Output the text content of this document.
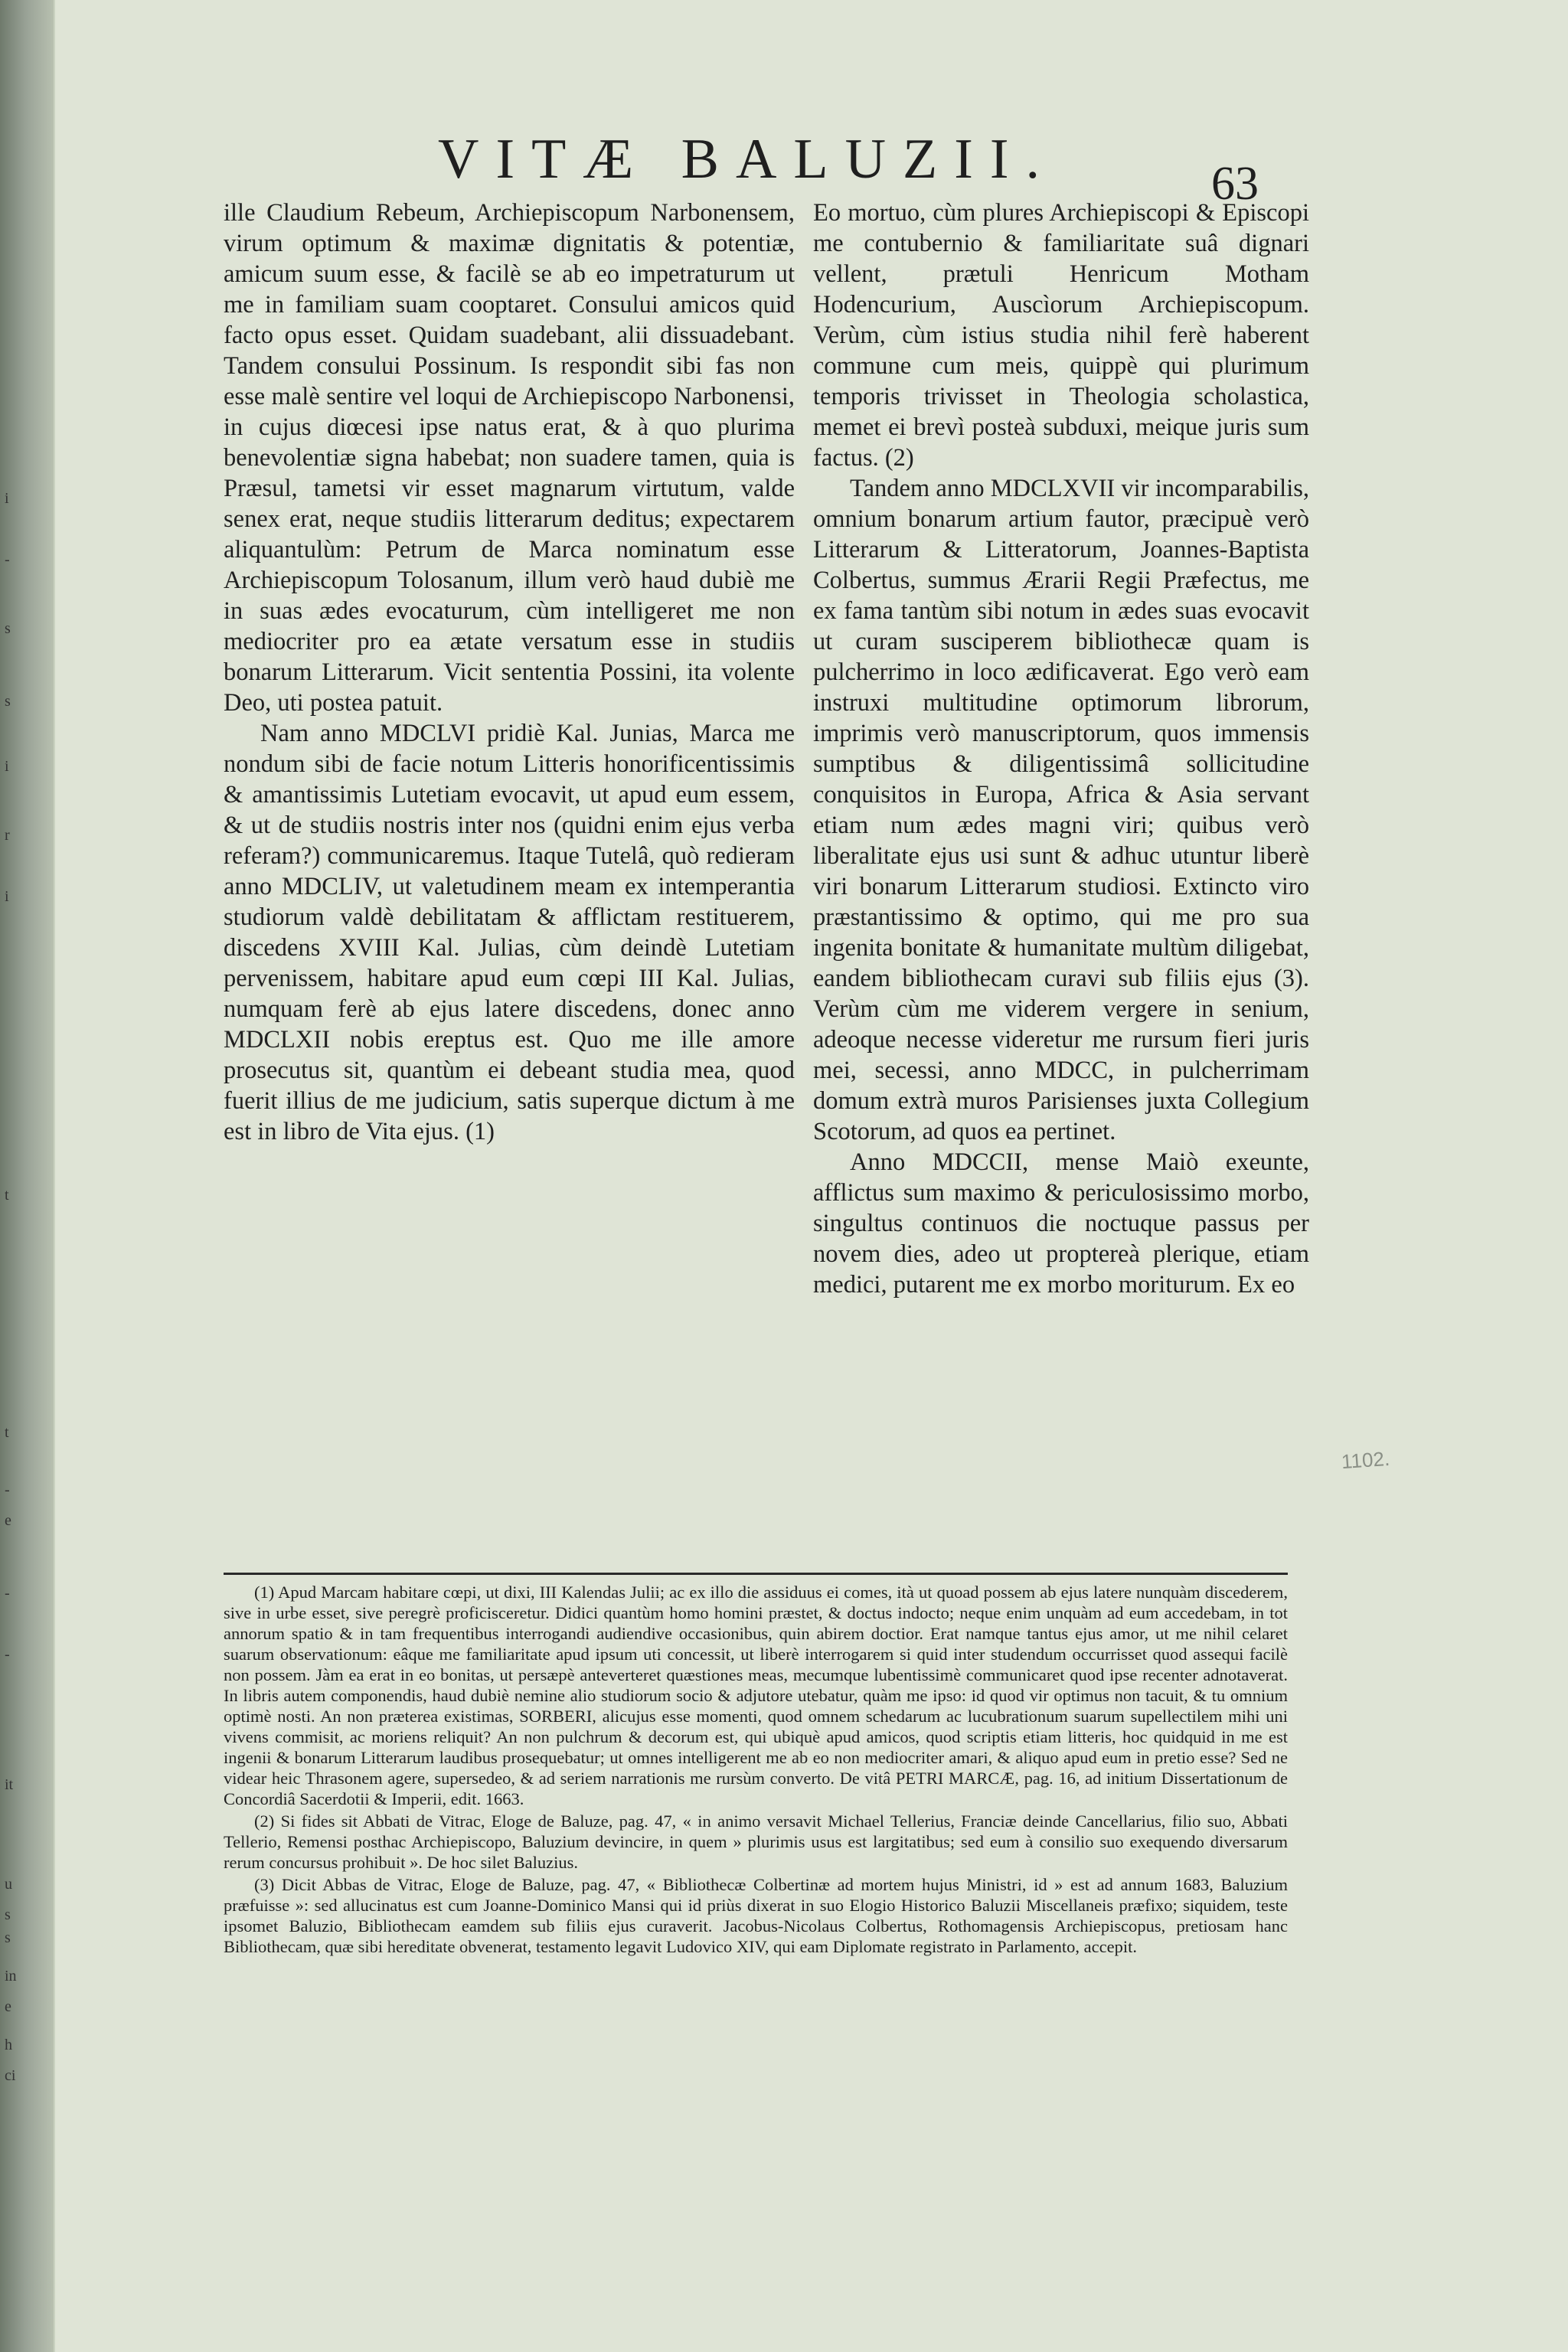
i
-
s
s
i
r
i
t
t
-
e
-
-
it
u
s
s
in
e
h
ci
VITÆ BALUZII.	63

ille Claudium Rebeum, Archiepiscopum Narbonensem, virum optimum & maximæ dignitatis & potentiæ, amicum suum esse, & facilè se ab eo impetraturum ut me in familiam suam cooptaret. Consului amicos quid facto opus esset. Quidam suadebant, alii dissuadebant. Tandem consului Possinum. Is respondit sibi fas non esse malè sentire vel loqui de Archiepiscopo Narbonensi, in cujus diœcesi ipse natus erat, & à quo plurima benevolentiæ signa habebat; non suadere tamen, quia is Præsul, tametsi vir esset magnarum virtutum, valde senex erat, neque studiis litterarum deditus; expectarem aliquantulùm: Petrum de Marca nominatum esse Archiepiscopum Tolosanum, illum verò haud dubiè me in suas ædes evocaturum, cùm intelligeret me non mediocriter pro ea ætate versatum esse in studiis bonarum Litterarum. Vicit sententia Possini, ita volente Deo, uti postea patuit.

Nam anno MDCLVI pridiè Kal. Junias, Marca me nondum sibi de facie notum Litteris honorificentissimis & amantissimis Lutetiam evocavit, ut apud eum essem, & ut de studiis nostris inter nos (quidni enim ejus verba referam?) communicaremus. Itaque Tutelâ, quò redieram anno MDCLIV, ut valetudinem meam ex intemperantia studiorum valdè debilitatam & afflictam restituerem, discedens XVIII Kal. Julias, cùm deindè Lutetiam pervenissem, habitare apud eum cœpi III Kal. Julias, numquam ferè ab ejus latere discedens, donec anno MDCLXII nobis ereptus est. Quo me ille amore prosecutus sit, quantùm ei debeant studia mea, quod fuerit illius de me judicium, satis superque dictum à me est in libro de Vita ejus. (1)

Eo mortuo, cùm plures Archiepiscopi & Episcopi me contubernio & familiaritate suâ dignari vellent, prætuli Henricum Motham Hodencurium, Auscìorum Archiepiscopum. Verùm, cùm istius studia nihil ferè haberent commune cum meis, quippè qui plurimum temporis trivisset in Theologia scholastica, memet ei brevì posteà subduxi, meique juris sum factus. (2)

Tandem anno MDCLXVII vir incomparabilis, omnium bonarum artium fautor, præcipuè verò Litterarum & Litteratorum, Joannes-Baptista Colbertus, summus Ærarii Regii Præfectus, me ex fama tantùm sibi notum in ædes suas evocavit ut curam susciperem bibliothecæ quam is pulcherrimo in loco ædificaverat. Ego verò eam instruxi multitudine optimorum librorum, imprimis verò manuscriptorum, quos immensis sumptibus & diligentissimâ sollicitudine conquisitos in Europa, Africa & Asia servant etiam num ædes magni viri; quibus verò liberalitate ejus usi sunt & adhuc utuntur liberè viri bonarum Litterarum studiosi. Extincto viro præstantissimo & optimo, qui me pro sua ingenita bonitate & humanitate multùm diligebat, eandem bibliothecam curavi sub filiis ejus (3). Verùm cùm me viderem vergere in senium, adeoque necesse videretur me rursum fieri juris mei, secessi, anno MDCC, in pulcherrimam domum extrà muros Parisienses juxta Collegium Scotorum, ad quos ea pertinet.

Anno MDCCII, mense Maiò exeunte, afflictus sum maximo & periculosissimo morbo, singultus continuos die noctuque passus per novem dies, adeo ut proptereà plerique, etiam medici, putarent me ex morbo moriturum. Ex eo

1102.

(1) Apud Marcam habitare cœpi, ut dixi, III Kalendas Julii; ac ex illo die assiduus ei comes, ità ut quoad possem ab ejus latere nunquàm discederem, sive in urbe esset, sive peregrè proficisceretur. Didici quantùm homo homini præstet, & doctus indocto; neque enim unquàm ad eum accedebam, in tot annorum spatio & in tam frequentibus interrogandi audiendive occasionibus, quin abirem doctior. Erat namque tantus ejus amor, ut me nihil celaret suarum observationum: eâque me familiaritate apud ipsum uti concessit, ut liberè interrogarem si quid inter studendum occurrisset quod assequi facilè non possem. Jàm ea erat in eo bonitas, ut persæpè anteverteret quæstiones meas, mecumque lubentissimè communicaret quod ipse recenter adnotaverat. In libris autem componendis, haud dubiè nemine alio studiorum socio & adjutore utebatur, quàm me ipso: id quod vir optimus non tacuit, & tu omnium optimè nosti. An non præterea existimas, SORBERI, alicujus esse momenti, quod omnem schedarum ac lucubrationum suarum supellectilem mihi uni vivens commisit, ac moriens reliquit? An non pulchrum & decorum est, qui ubiquè apud amicos, quod scriptis etiam litteris, hoc quidquid in me est ingenii & bonarum Litterarum laudibus prosequebatur; ut omnes intelligerent me ab eo non mediocriter amari, & aliquo apud eum in pretio esse? Sed ne videar heic Thrasonem agere, supersedeo, & ad seriem narrationis me rursùm converto. De vitâ PETRI MARCÆ, pag. 16, ad initium Dissertationum de Concordiâ Sacerdotii & Imperii, edit. 1663.

(2) Si fides sit Abbati de Vitrac, Eloge de Baluze, pag. 47, « in animo versavit Michael Tellerius, Franciæ deinde Cancellarius, filio suo, Abbati Tellerio, Remensi posthac Archiepiscopo, Baluzium devincire, in quem » plurimis usus est largitatibus; sed eum à consilio suo exequendo diversarum rerum concursus prohibuit ». De hoc silet Baluzius.

(3) Dicit Abbas de Vitrac, Eloge de Baluze, pag. 47, « Bibliothecæ Colbertinæ ad mortem hujus Ministri, id » est ad annum 1683, Baluzium præfuisse »: sed allucinatus est cum Joanne-Dominico Mansi qui id priùs dixerat in suo Elogio Historico Baluzii Miscellaneis præfixo; siquidem, teste ipsomet Baluzio, Bibliothecam eamdem sub filiis ejus curaverit. Jacobus-Nicolaus Colbertus, Rothomagensis Archiepiscopus, pretiosam hanc Bibliothecam, quæ sibi hereditate obvenerat, testamento legavit Ludovico XIV, qui eam Diplomate registrato in Parlamento, accepit.
